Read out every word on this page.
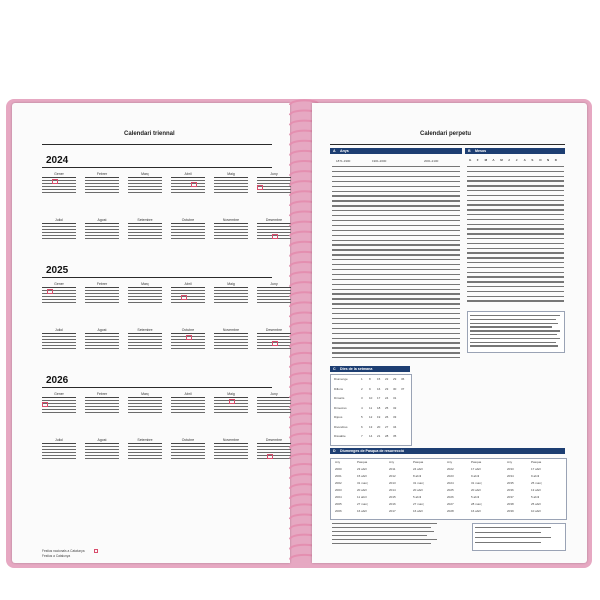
Calendari triennal
2024
Gener	Febrer	Març	Abril	Maig	Juny
Juliol	Agost	Setembre	Octubre	Novembre	Desembre
2025
Gener	Febrer	Març	Abril	Maig	Juny
Juliol	Agost	Setembre	Octubre	Novembre	Desembre
2026
Gener	Febrer	Març	Abril	Maig	Juny
Juliol	Agost	Setembre	Octubre	Novembre	Desembre
Festius nacionals a Catalunya
Festius a Catalunya
Calendari perpetu
A Anys
1871-1900	1901-2000	2001-2100
B Mesos
G F M A M J J A S O N D
C Dies de la setmana
Diumenge	1 8 15 22 29 36
Dilluns	2 9 16 23 30 37
Dimarts	3 10 17 24 31
Dimecres	4 11 18 25 32
Dijous	5 12 19 26 33
Divendres	6 13 20 27 34
Dissabte	7 14 21 28 35
D Diumenges de Pasqua de resurrecció
Any	Pasqua	Any	Pasqua	Any	Pasqua	Any	Pasqua
2000	23 abril	2011	24 abril	2022	17 abril	2033	17 abril
2001	15 abril	2012	8 abril	2023	9 abril	2034	9 abril
2002	31 març	2013	31 març	2024	31 març	2035	25 març
2003	20 abril	2014	20 abril	2025	20 abril	2036	13 abril
2004	11 abril	2015	5 abril	2026	5 abril	2037	5 abril
2005	27 març	2016	27 març	2027	28 març	2038	25 abril
2006	16 abril	2017	16 abril	2028	16 abril	2039	10 abril
